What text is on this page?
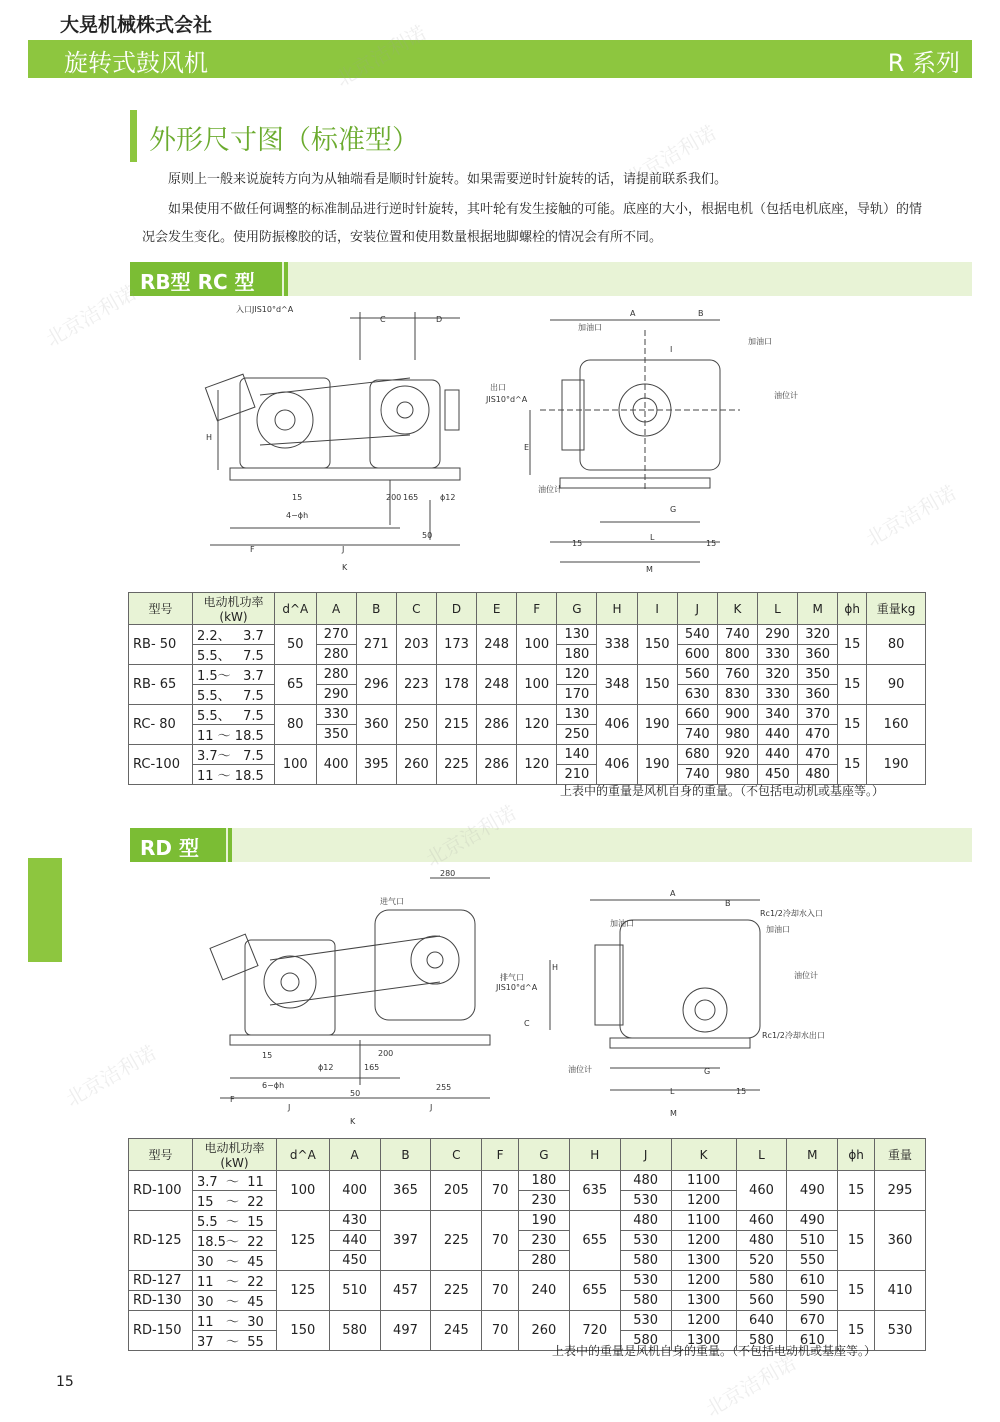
大晃机械株式会社
旋转式鼓风机	R 系列
外形尺寸图（标准型）

原则上一般来说旋转方向为从轴端看是顺时针旋转。如果需要逆时针旋转的话，请提前联系我们。

如果使用不做任何调整的标准制品进行逆时针旋转，其叶轮有发生接触的可能。底座的大小，根据电机（包括电机底座，导轨）的情况会发生变化。使用防振橡胶的话，安装位置和使用数量根据地脚螺栓的情况会有所不同。

RB型 RC 型
入口JIS10°d^A
C	D
出口
JIS10°d^A
H
15
4−ϕh
200 165	ϕ12
50
F	J
K
A	B
加油口
加油口
油位计
油位计
E
G
15
L
15
M
I
型号	电动机功率(kW)	d^A	A	B	C	D	E	F	G	H	I	J	K	L	M	ϕh	重量kg
RB- 50	2.2、   3.7	50	270	271	203	173	248	100	130	338	150	540	740	290	320	15	80
	5.5、   7.5		280						180			600	800	330	360		
RB- 65	1.5～   3.7	65	280	296	223	178	248	100	120	348	150	560	760	320	350	15	90
	5.5、   7.5		290						170			630	830	330	360		
RC- 80	5.5、   7.5	80	330	360	250	215	286	120	130	406	190	660	900	340	370	15	160
	11 ～ 18.5		350						250			740	980	440	470		
RC-100	3.7～   7.5	100	400	395	260	225	286	120	140	406	190	680	920	440	470	15	190
	11 ～ 18.5								210			740	980	450	480		
上表中的重量是风机自身的重量。（不包括电动机或基座等。）
RD 型
进气口
280
排气口
JIS10°d^A
H
C
15
6−ϕh
ϕ12	165
200
50
255
F
J	J
K
A
B
加油口
加油口
Rc1/2冷却水入口
油位计
Rc1/2冷却水出口
油位计	G
L	15
M
型号	电动机功率(kW)	d^A	A	B	C	F	G	H	J	K	L	M	ϕh	重量
RD-100	3.7  ～  11	100	400	365	205	70	180	635	480	1100	460	490	15	295
	15   ～  22						230		530	1200				
RD-125	5.5  ～  15	125	430	397	225	70	190	655	480	1100	460	490	15	360
	18.5～  22		440				230		530	1200	480	510		
	30   ～  45		450				280		580	1300	520	550		
RD-127	11   ～  22	125	510	457	225	70	240	655	530	1200	580	610	15	410
RD-130	30   ～  45								580	1300	560	590		
RD-150	11   ～  30	150	580	497	245	70	260	720	530	1200	640	670	15	530
	37   ～  55								580	1300	580	610		
上表中的重量是风机自身的重量。（不包括电动机或基座等。）
15
北京洁利诺
北京洁利诺
北京洁利诺
北京洁利诺
北京洁利诺
